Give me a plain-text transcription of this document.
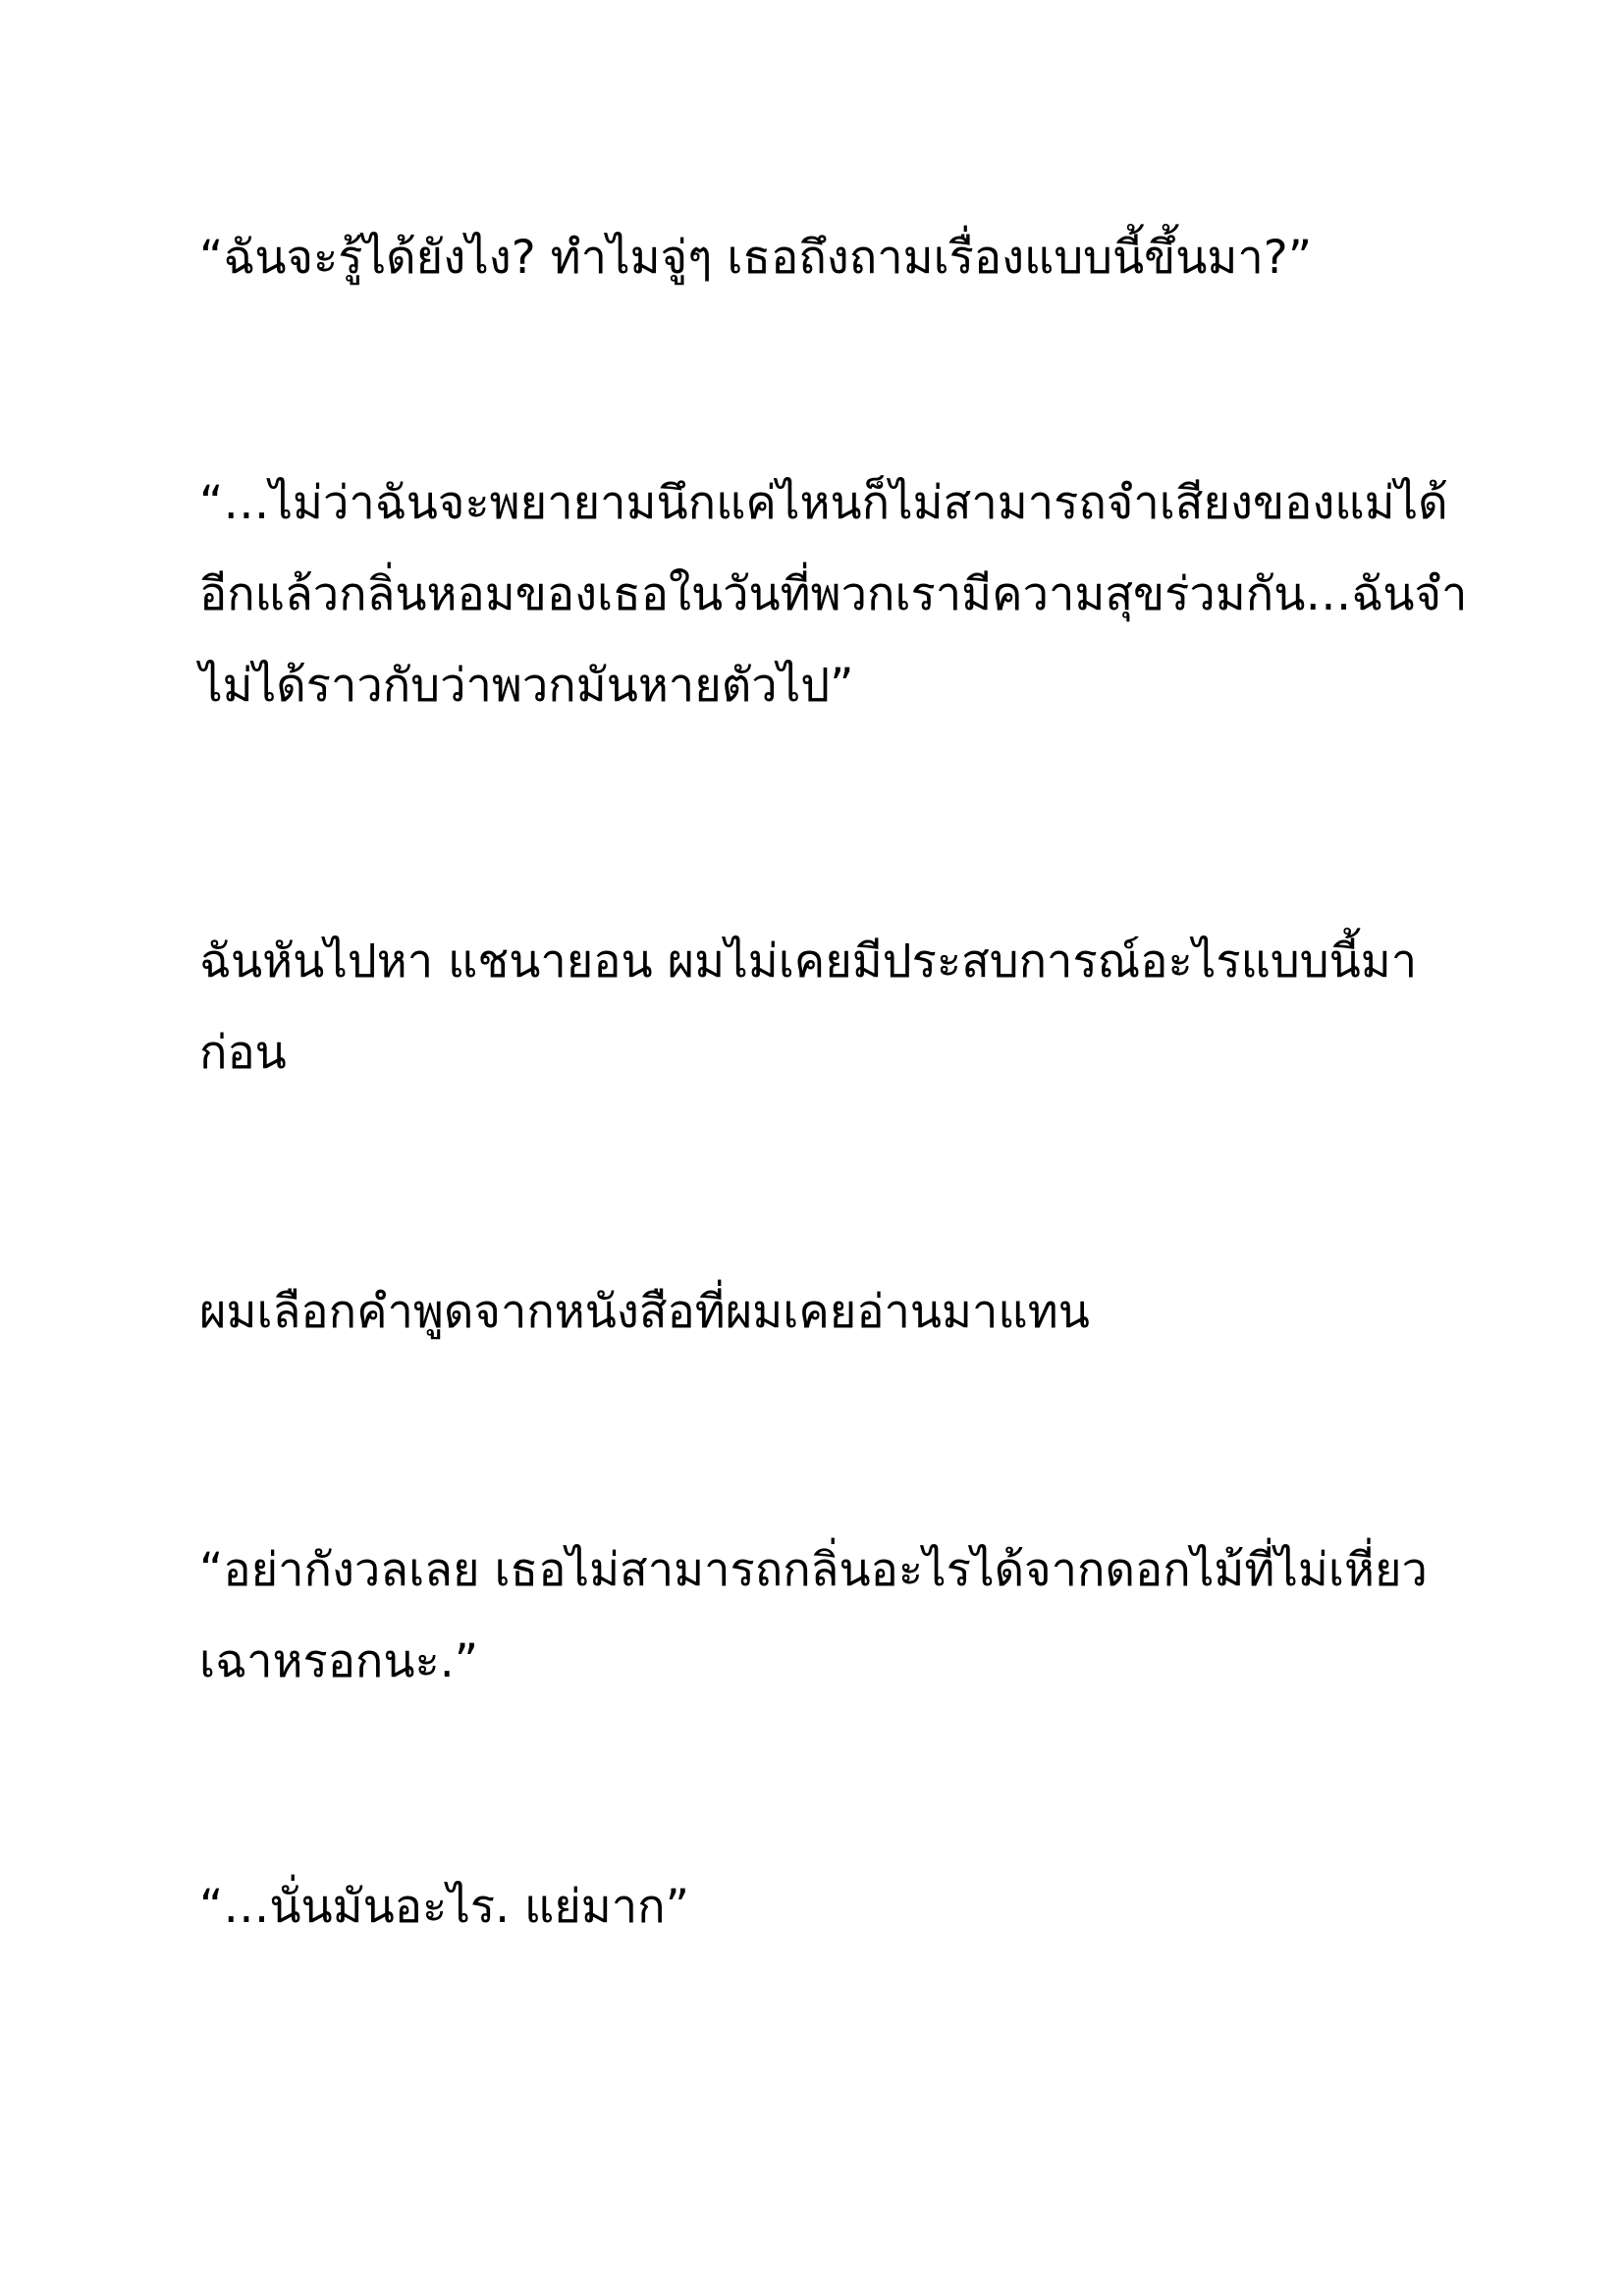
“ฉันจะรู้ได้ยังไง? ทำไมจู่ๆ เธอถึงถามเรื่องแบบนี้ขึ้นมา?”

“…ไม่ว่าฉันจะพยายามนึกแค่ไหนก็ไม่สามารถจำเสียงของแม่ได้
อีกแล้วกลิ่นหอมของเธอในวันที่พวกเรามีความสุขร่วมกัน…ฉันจำ
ไม่ได้ราวกับว่าพวกมันหายตัวไป”

ฉันหันไปหา แชนายอน ผมไม่เคยมีประสบการณ์อะไรแบบนี้มา
ก่อน

ผมเลือกคำพูดจากหนังสือที่ผมเคยอ่านมาแทน

“อย่ากังวลเลย เธอไม่สามารถกลิ่นอะไรได้จากดอกไม้ที่ไม่เหี่ยว
เฉาหรอกนะ.”

“…นั่นมันอะไร. แย่มาก”
